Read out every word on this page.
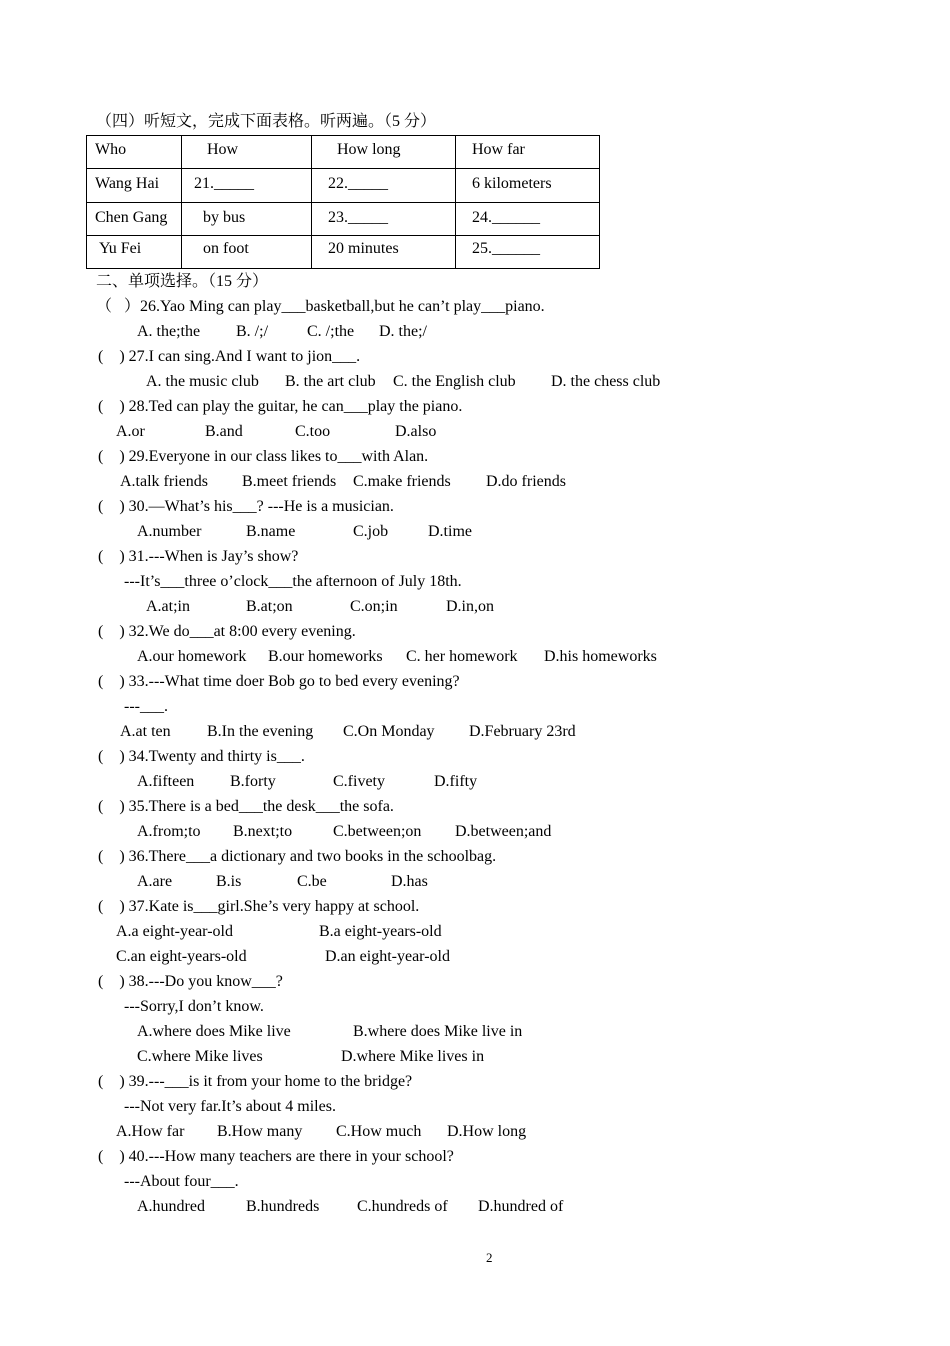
（四）听短文，完成下面表格。听两遍。（5 分）
Who	How	How long	How far

Wang Hai	21._____	22._____	6 kilometers

Chen Gang	by bus	23._____	24.______

Yu Fei	on foot	20 minutes	25.______
二、单项选择。（15 分）
（   ）26.Yao Ming can play___basketball,but he can’t play___piano.
A. the;the B. /;/ C. /;the D. the;/
(    ) 27.I can sing.And I want to jion___.
A. the music club B. the art club C. the English club D. the chess club
(    ) 28.Ted can play the guitar, he can___play the piano.
A.or	B.and	C.too	D.also
(    ) 29.Everyone in our class likes to___with Alan.
A.talk friends B.meet friends C.make friends D.do friends
(    ) 30.—What’s his___? ---He is a musician.
A.number	B.name	C.job D.time
(    ) 31.---When is Jay’s show?
---It’s___three o’clock___the afternoon of July 18th.
A.at;in	B.at;on	C.on;in	D.in,on
(    ) 32.We do___at 8:00 every evening.
A.our homework B.our homeworks C. her homework D.his homeworks
(    ) 33.---What time doer Bob go to bed every evening?
---___.
A.at ten B.In the evening C.On Monday D.February 23rd
(    ) 34.Twenty and thirty is___.
A.fifteen B.forty	C.fivety	D.fifty
(    ) 35.There is a bed___the desk___the sofa.
A.from;to B.next;to	C.between;on D.between;and
(    ) 36.There___a dictionary and two books in the schoolbag.
A.are	B.is	C.be	D.has
(    ) 37.Kate is___girl.She’s very happy at school.
A.a eight-year-old	B.a eight-years-old
C.an eight-years-old	D.an eight-year-old
(    ) 38.---Do you know___?
---Sorry,I don’t know.
A.where does Mike live	B.where does Mike live in
C.where Mike lives	D.where Mike lives in
(    ) 39.---___is it from your home to the bridge?
---Not very far.It’s about 4 miles.
A.How far B.How many C.How much D.How long
(    ) 40.---How many teachers are there in your school?
---About four___.
A.hundred	B.hundreds C.hundreds of D.hundred of
2
